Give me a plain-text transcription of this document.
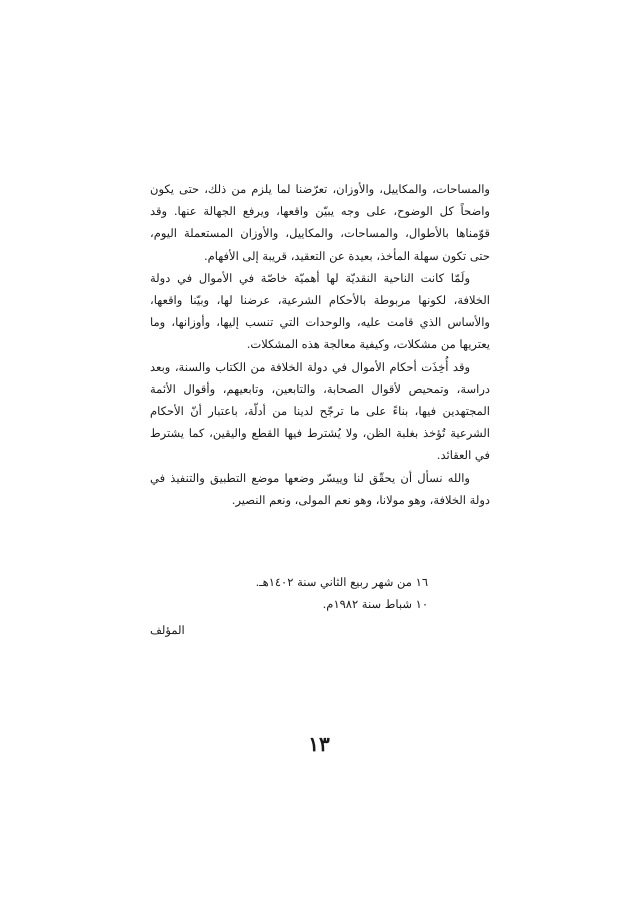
والمساحات، والمكاييل، والأوزان، تعرّضنا لما يلزم من ذلك، حتى يكون واضحاً كل الوضوح، على وجه يبيّن واقعها، ويرفع الجهالة عنها. وقد قوّمناها بالأطوال، والمساحات، والمكاييل، والأوزان المستعملة اليوم، حتى تكون سهلة المأخذ، بعيدة عن التعقيد، قريبة إلى الأفهام.

ولَمّا كانت الناحية النقديّة لها أهميّة خاصّة في الأموال في دولة الخلافة، لكونها مربوطة بالأحكام الشرعية، عرضنا لها، وبيّنا واقعها، والأساس الذي قامت عليه، والوحدات التي تنسب إليها، وأوزانها، وما يعتريها من مشكلات، وكيفية معالجة هذه المشكلات.

وقد أُخِذَت أحكام الأموال في دولة الخلافة من الكتاب والسنة، وبعد دراسة، وتمحيص لأقوال الصحابة، والتابعين، وتابعيهم، وأقوال الأئمة المجتهدين فيها، بناءً على ما ترجّح لدينا من أدلّة، باعتبار أنّ الأحكام الشرعية تُؤخذ بغلبة الظن، ولا يُشترط فيها القطع واليقين، كما يشترط في العقائد.

والله نسأل أن يحقّق لنا وييسّر وضعها موضع التطبيق والتنفيذ في دولة الخلافة، وهو مولانا، وهو نعم المولى، ونعم النصير.

١٦ من شهر ربيع الثاني سنة ١٤٠٢هـ.
١٠ شباط سنة ١٩٨٢م.
المؤلف
١٣
